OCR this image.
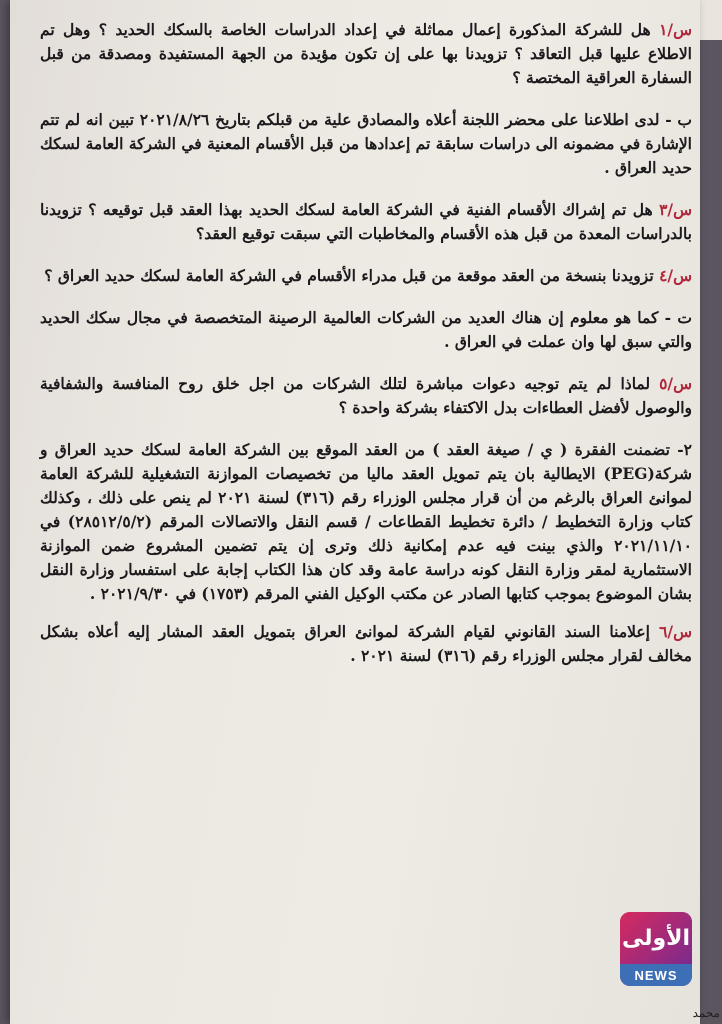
س/١ هل للشركة المذكورة إعمال مماثلة في إعداد الدراسات الخاصة بالسكك الحديد ؟ وهل تم الاطلاع عليها قبل التعاقد ؟ تزويدنا بها على إن تكون مؤيدة من الجهة المستفيدة ومصدقة من قبل السفارة العراقية المختصة ؟

ب - لدى اطلاعنا على محضر اللجنة أعلاه والمصادق علية من قبلكم بتاريخ ٢٠٢١/٨/٢٦ تبين انه لم تتم الإشارة في مضمونه الى دراسات سابقة تم إعدادها من قبل الأقسام المعنية في الشركة العامة لسكك حديد العراق .

س/٣ هل تم إشراك الأقسام الفنية في الشركة العامة لسكك الحديد بهذا العقد قبل توقيعه ؟ تزويدنا بالدراسات المعدة من قبل هذه الأقسام والمخاطبات التي سبقت توقيع العقد؟

س/٤ تزويدنا بنسخة من العقد موقعة من قبل مدراء الأقسام في الشركة العامة لسكك حديد العراق ؟

ت - كما هو معلوم إن هناك العديد من الشركات العالمية الرصينة المتخصصة في مجال سكك الحديد والتي سبق لها وان عملت في العراق .

س/٥ لماذا لم يتم توجيه دعوات مباشرة لتلك الشركات من اجل خلق روح المنافسة والشفافية والوصول لأفضل العطاءات بدل الاكتفاء بشركة واحدة ؟

٢- تضمنت الفقرة ( ي / صيغة العقد ) من العقد الموقع بين الشركة العامة لسكك حديد العراق و شركة(PEG) الايطالية بان يتم تمويل العقد ماليا من تخصيصات الموازنة التشغيلية للشركة العامة لموانئ العراق بالرغم من أن قرار مجلس الوزراء رقم (٣١٦) لسنة ٢٠٢١ لم ينص على ذلك ، وكذلك كتاب وزارة التخطيط / دائرة تخطيط القطاعات / قسم النقل والاتصالات المرقم (٢٨٥١٢/٥/٢) في ٢٠٢١/١١/١٠ والذي بينت فيه عدم إمكانية ذلك وترى إن يتم تضمين المشروع ضمن الموازنة الاستثمارية لمقر وزارة النقل كونه دراسة عامة وقد كان هذا الكتاب إجابة على استفسار وزارة النقل بشان الموضوع بموجب كتابها الصادر عن مكتب الوكيل الفني المرقم (١٧٥٣) في ٢٠٢١/٩/٣٠ .

س/٦ إعلامنا السند القانوني لقيام الشركة لموانئ العراق بتمويل العقد المشار إليه أعلاه بشكل مخالف لقرار مجلس الوزراء رقم (٣١٦) لسنة ٢٠٢١ .

الأولى
NEWS
محمد
